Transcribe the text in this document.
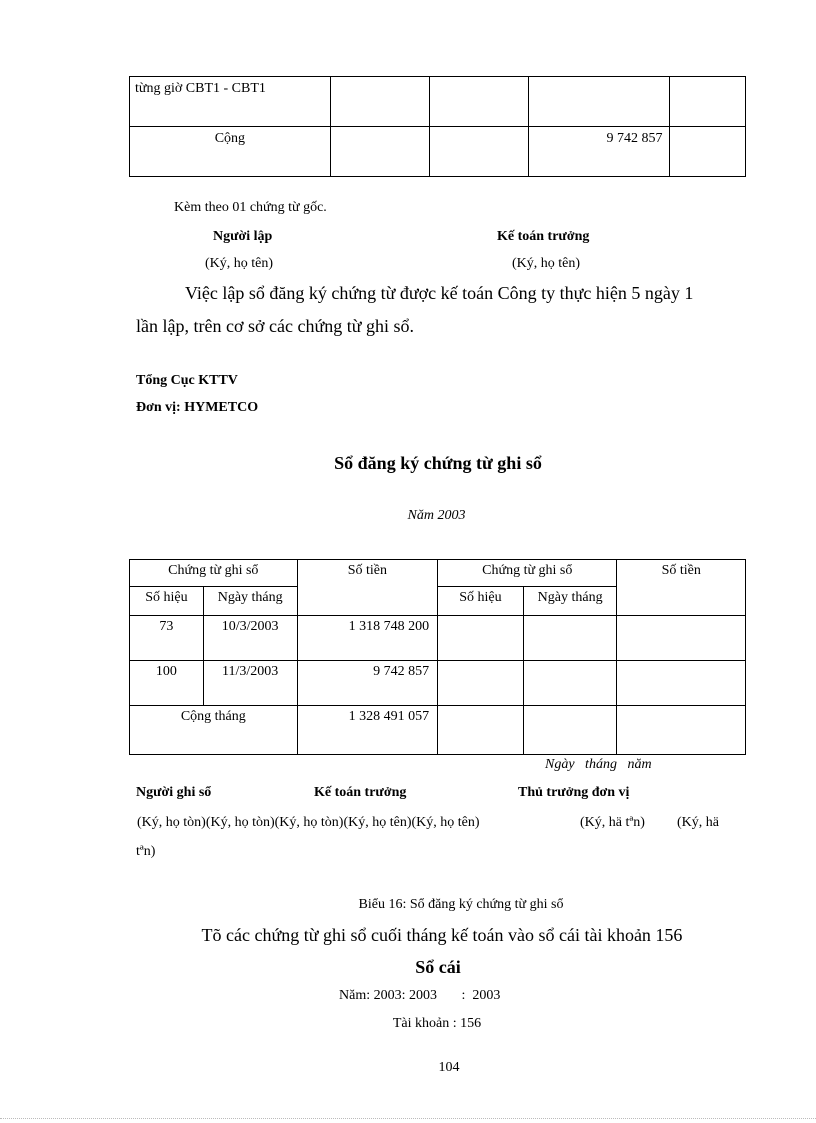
từng giờ CBT1 - CBT1				
Cộng			9 742 857	
Kèm theo 01 chứng từ gốc.
Người lập	Kế toán trưởng
(Ký, họ tên)	(Ký, họ tên)
Việc lập sổ đăng ký chứng từ được kế toán Công ty thực hiện 5 ngày 1
lần lập, trên cơ sở các chứng từ ghi sổ.
Tổng Cục KTTV
Đơn vị: HYMETCO
Sổ đăng ký chứng từ ghi sổ
Năm 2003
Chứng từ ghi sổ		Số tiền	Chứng từ ghi sổ		Số tiền
Số hiệu	Ngày tháng		Số hiệu	Ngày tháng	
73	10/3/2003	1 318 748 200			
100	11/3/2003	9 742 857			
Cộng tháng		1 328 491 057			
Ngày   tháng   năm
Người ghi sổ	Kế toán trưởng	Thủ trưởng đơn vị
(Ký, họ tòn)(Ký, họ tòn)(Ký, họ tòn)(Ký, họ tên)(Ký, họ tên)	(Ký, hä tªn) (Ký, hä
tªn)
Biểu 16: Sổ đăng ký chứng từ ghi sổ
Tõ các chứng từ ghi sổ cuối tháng kế toán vào sổ cái tài khoản 156
Sổ cái
Năm: 2003: 2003       :  2003
Tài khoản : 156
104
